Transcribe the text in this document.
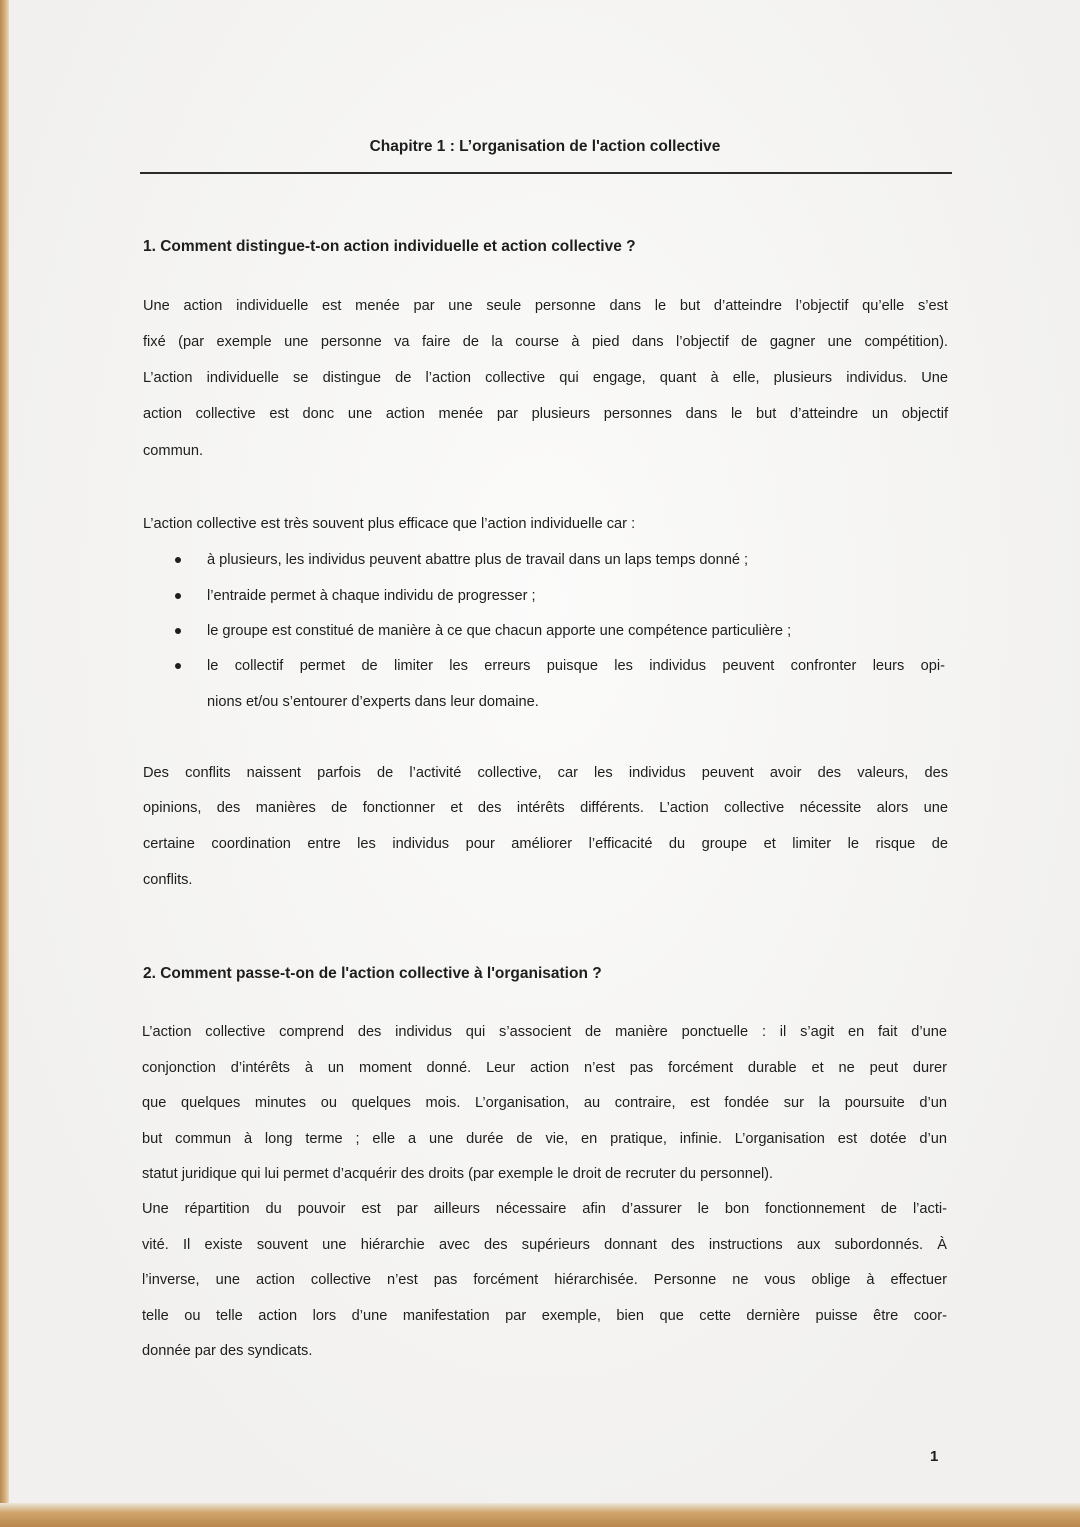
Chapitre 1 : L’organisation de l'action collective
1. Comment distingue-t-on action individuelle et action collective ?
Une action individuelle est menée par une seule personne dans le but d’atteindre l’objectif qu’elle s’est
fixé (par exemple une personne va faire de la course à pied dans l’objectif de gagner une compétition).
L’action individuelle se distingue de l’action collective qui engage, quant à elle, plusieurs individus. Une
action collective est donc une action menée par plusieurs personnes dans le but d’atteindre un objectif
commun.
L’action collective est très souvent plus efficace que l’action individuelle car :
à plusieurs, les individus peuvent abattre plus de travail dans un laps temps donné ;
l’entraide permet à chaque individu de progresser ;
le groupe est constitué de manière à ce que chacun apporte une compétence particulière ;
le collectif permet de limiter les erreurs puisque les individus peuvent confronter leurs opi-
nions et/ou s’entourer d’experts dans leur domaine.
Des conflits naissent parfois de l’activité collective, car les individus peuvent avoir des valeurs, des
opinions, des manières de fonctionner et des intérêts différents. L’action collective nécessite alors une
certaine coordination entre les individus pour améliorer l’efficacité du groupe et limiter le risque de
conflits.
2. Comment passe-t-on de l'action collective à l'organisation ?
L’action collective comprend des individus qui s’associent de manière ponctuelle : il s’agit en fait d’une
conjonction d’intérêts à un moment donné. Leur action n’est pas forcément durable et ne peut durer
que quelques minutes ou quelques mois. L’organisation, au contraire, est fondée sur la poursuite d’un
but commun à long terme ; elle a une durée de vie, en pratique, infinie. L’organisation est dotée d’un
statut juridique qui lui permet d’acquérir des droits (par exemple le droit de recruter du personnel).
Une répartition du pouvoir est par ailleurs nécessaire afin d’assurer le bon fonctionnement de l’acti-
vité. Il existe souvent une hiérarchie avec des supérieurs donnant des instructions aux subordonnés. À
l’inverse, une action collective n’est pas forcément hiérarchisée. Personne ne vous oblige à effectuer
telle ou telle action lors d’une manifestation par exemple, bien que cette dernière puisse être coor-
donnée par des syndicats.
1
